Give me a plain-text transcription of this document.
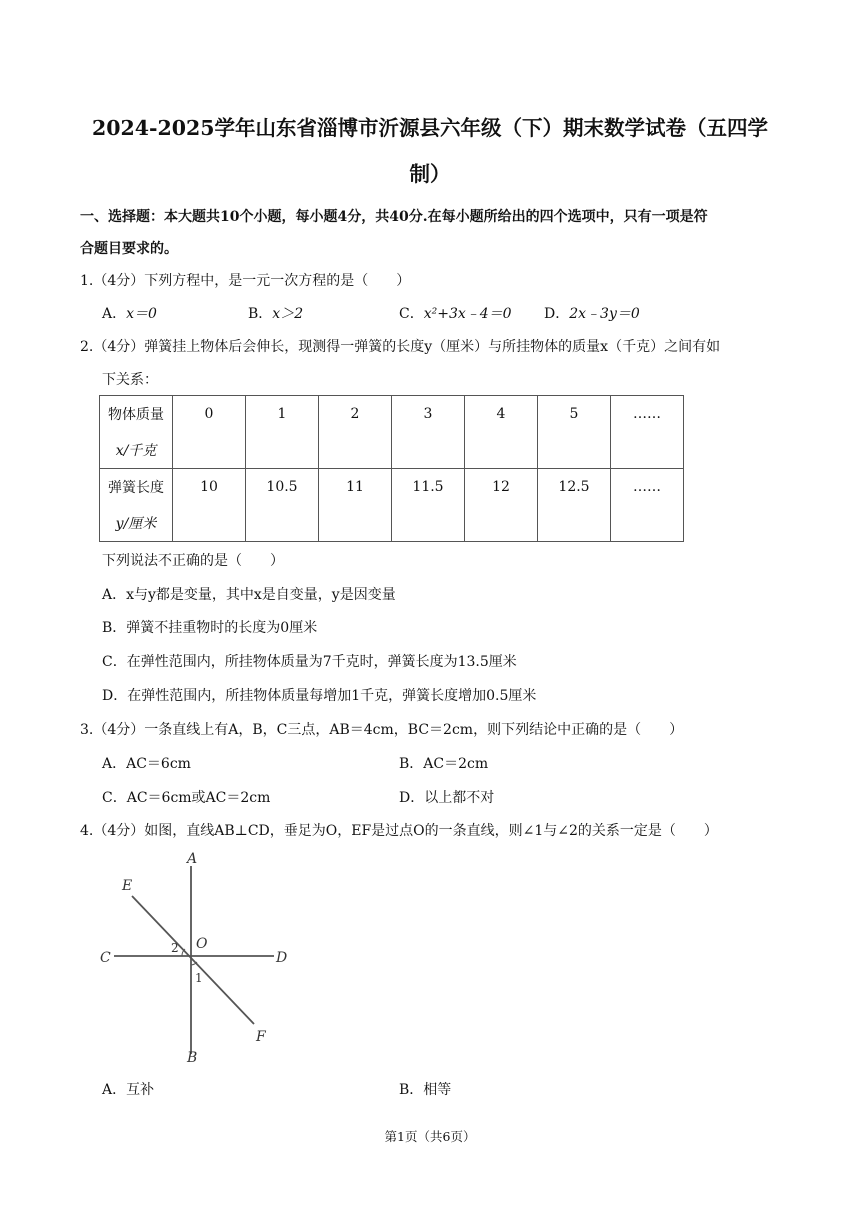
2024-2025学年山东省淄博市沂源县六年级（下）期末数学试卷（五四学
制）
一、选择题：本大题共10个小题，每小题4分，共40分.在每小题所给出的四个选项中，只有一项是符
合题目要求的。
1.（4分）下列方程中，是一元一次方程的是（　　）
A．x＝0	B．x＞2	C．x²+3x﹣4＝0 D．2x﹣3y＝0
2.（4分）弹簧挂上物体后会伸长，现测得一弹簧的长度y（厘米）与所挂物体的质量x（千克）之间有如
下关系：
物体质量
x/千克	0	1	2	3	4	5	……

弹簧长度
y/厘米	10	10.5	11	11.5	12	12.5	……
下列说法不正确的是（　　）
A．x与y都是变量，其中x是自变量，y是因变量
B．弹簧不挂重物时的长度为0厘米
C．在弹性范围内，所挂物体质量为7千克时，弹簧长度为13.5厘米
D．在弹性范围内，所挂物体质量每增加1千克，弹簧长度增加0.5厘米
3.（4分）一条直线上有A，B，C三点，AB＝4cm，BC＝2cm，则下列结论中正确的是（　　）
A．AC＝6cm	B．AC＝2cm
C．AC＝6cm或AC＝2cm	D．以上都不对
4.（4分）如图，直线AB⊥CD，垂足为O，EF是过点O的一条直线，则∠1与∠2的关系一定是（　　）
A
B
C	D
E
F
O
2
1
A．互补	B．相等
第1页（共6页）
